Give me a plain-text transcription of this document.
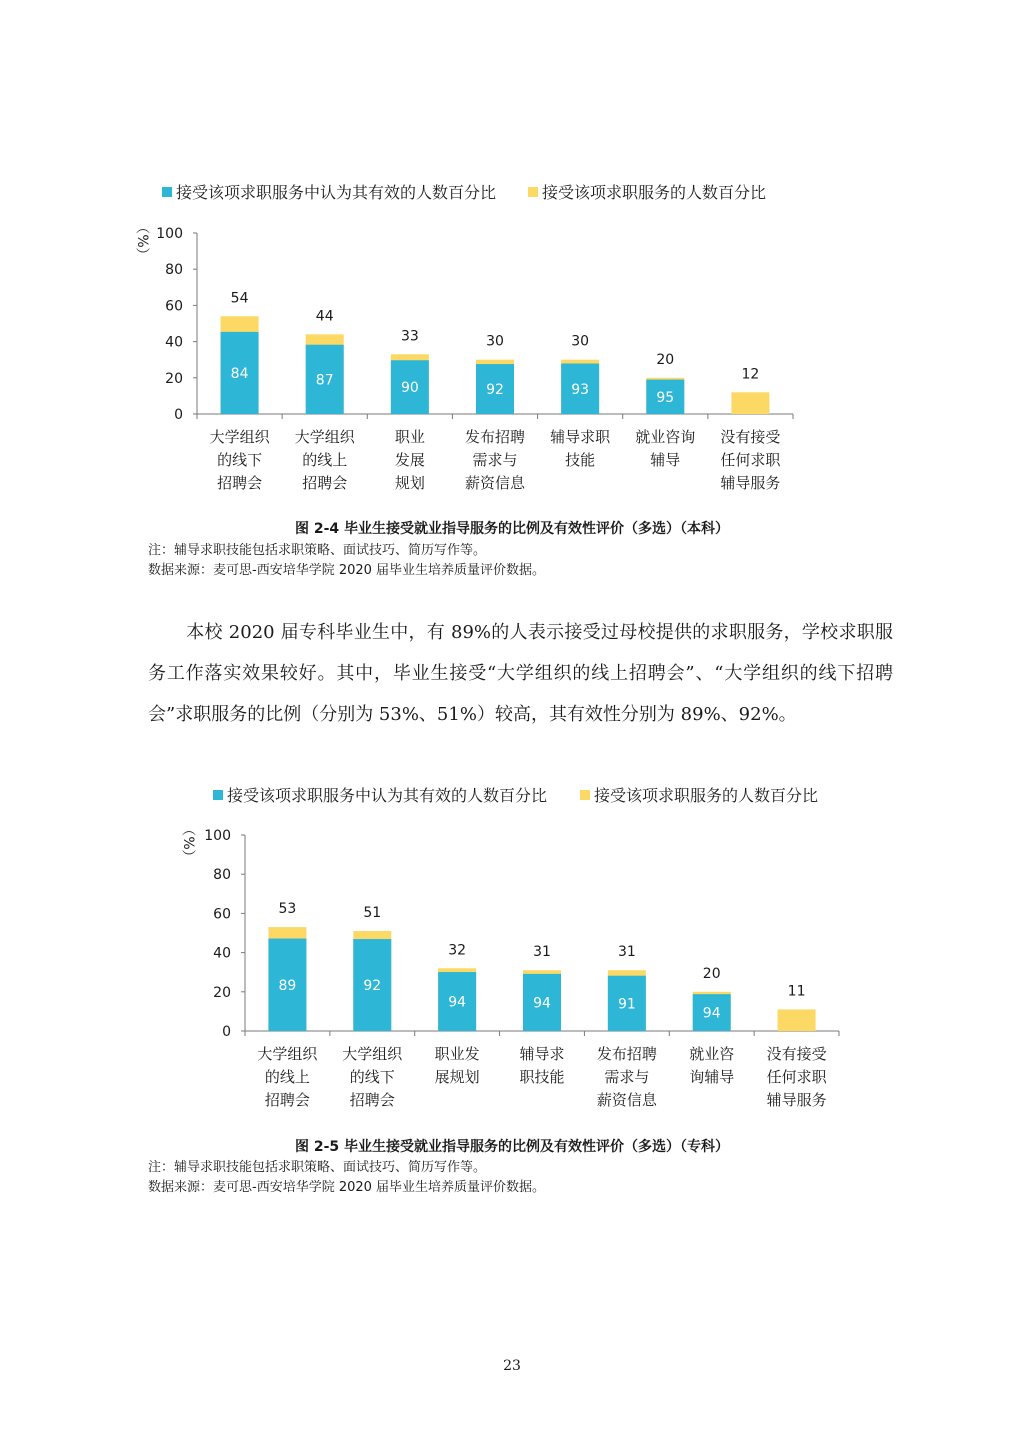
接受该项求职服务中认为其有效的人数百分比	接受该项求职服务的人数百分比
（%）
0
20
40
60
80
100
84
54
大学组织
的线下
招聘会
87
44
大学组织
的线上
招聘会
90
33
职业
发展
规划
92
30
发布招聘
需求与
薪资信息
93
30
辅导求职
技能
95
20
就业咨询
辅导
12
没有接受
任何求职
辅导服务
图 2-4 毕业生接受就业指导服务的比例及有效性评价（多选）（本科）
注：辅导求职技能包括求职策略、面试技巧、简历写作等。
数据来源：麦可思-西安培华学院 2020 届毕业生培养质量评价数据。
本校 2020 届专科毕业生中，有 89%的人表示接受过母校提供的求职服务，学校求职服务工作落实效果较好。其中，毕业生接受“大学组织的线上招聘会”、“大学组织的线下招聘会”求职服务的比例（分别为 53%、51%）较高，其有效性分别为 89%、92%。
接受该项求职服务中认为其有效的人数百分比	接受该项求职服务的人数百分比
（%）
0
20
40
60
80
100
89
53
大学组织
的线上
招聘会
92
51
大学组织
的线下
招聘会
94
32
职业发
展规划
94
31
辅导求
职技能
91
31
发布招聘
需求与
薪资信息
94
20
就业咨
询辅导
11
没有接受
任何求职
辅导服务
图 2-5 毕业生接受就业指导服务的比例及有效性评价（多选）（专科）
注：辅导求职技能包括求职策略、面试技巧、简历写作等。
数据来源：麦可思-西安培华学院 2020 届毕业生培养质量评价数据。
23
